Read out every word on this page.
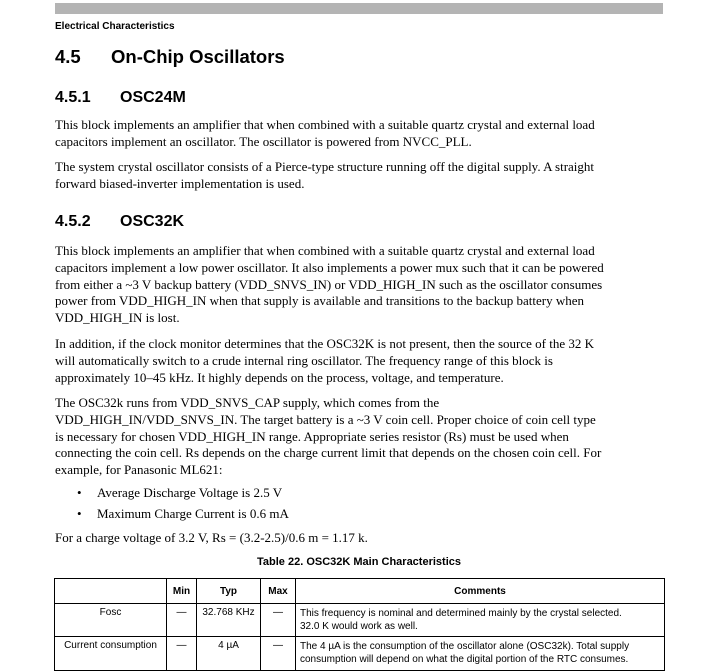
Electrical Characteristics
4.5 On-Chip Oscillators
4.5.1 OSC24M
This block implements an amplifier that when combined with a suitable quartz crystal and external load
capacitors implement an oscillator. The oscillator is powered from NVCC_PLL.
The system crystal oscillator consists of a Pierce-type structure running off the digital supply. A straight
forward biased-inverter implementation is used.
4.5.2 OSC32K
This block implements an amplifier that when combined with a suitable quartz crystal and external load
capacitors implement a low power oscillator. It also implements a power mux such that it can be powered
from either a ~3 V backup battery (VDD_SNVS_IN) or VDD_HIGH_IN such as the oscillator consumes
power from VDD_HIGH_IN when that supply is available and transitions to the backup battery when
VDD_HIGH_IN is lost.
In addition, if the clock monitor determines that the OSC32K is not present, then the source of the 32 K
will automatically switch to a crude internal ring oscillator. The frequency range of this block is
approximately 10–45 kHz. It highly depends on the process, voltage, and temperature.
The OSC32k runs from VDD_SNVS_CAP supply, which comes from the
VDD_HIGH_IN/VDD_SNVS_IN. The target battery is a ~3 V coin cell. Proper choice of coin cell type
is necessary for chosen VDD_HIGH_IN range. Appropriate series resistor (Rs) must be used when
connecting the coin cell. Rs depends on the charge current limit that depends on the chosen coin cell. For
example, for Panasonic ML621:
• Average Discharge Voltage is 2.5 V
• Maximum Charge Current is 0.6 mA
For a charge voltage of 3.2 V, Rs = (3.2-2.5)/0.6 m = 1.17 k.
Table 22. OSC32K Main Characteristics
	Min	Typ	Max	Comments
Fosc	—	32.768 KHz	—	This frequency is nominal and determined mainly by the crystal selected.
32.0 K would work as well.

Current consumption	—	4 µA	—	The 4 µA is the consumption of the oscillator alone (OSC32k). Total supply
consumption will depend on what the digital portion of the RTC consumes.
